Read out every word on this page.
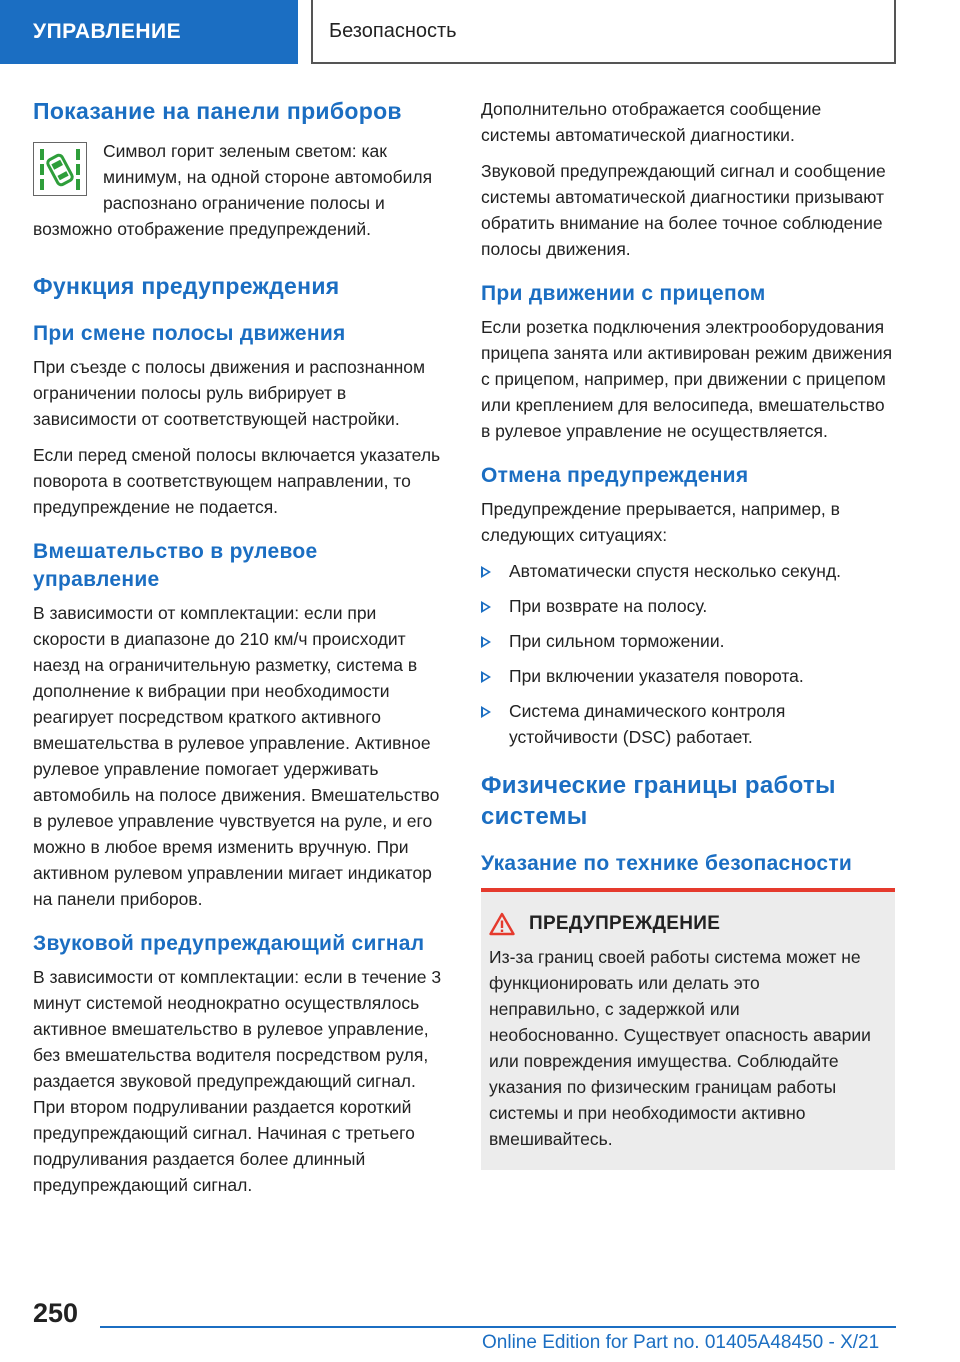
УПРАВЛЕНИЕ	Безопасность
Показание на панели приборов

Символ горит зеленым светом: как минимум, на одной стороне автомобиля распознано ограничение полосы и возможно отображение предупреждений.

Функция предупреждения
При смене полосы движения

При съезде с полосы движения и распознанном ограничении полосы руль вибрирует в зависимости от соответствующей настройки.

Если перед сменой полосы включается указатель поворота в соответствующем направлении, то предупреждение не подается.

Вмешательство в рулевое управление

В зависимости от комплектации: если при скорости в диапазоне до 210 км/ч происходит наезд на ограничительную разметку, система в дополнение к вибрации при необходимости реагирует посредством краткого активного вмешательства в рулевое управление. Активное рулевое управление помогает удерживать автомобиль на полосе движения. Вмешательство в рулевое управление чувствуется на руле, и его можно в любое время изменить вручную. При активном рулевом управлении мигает индикатор на панели приборов.

Звуковой предупреждающий сигнал

В зависимости от комплектации: если в течение 3 минут системой неоднократно осуществлялось активное вмешательство в рулевое управление, без вмешательства водителя посредством руля, раздается звуковой предупреждающий сигнал. При втором подруливании раздается короткий предупреждающий сигнал. Начиная с третьего подруливания раздается более длинный предупреждающий сигнал.

Дополнительно отображается сообщение системы автоматической диагностики.

Звуковой предупреждающий сигнал и сообщение системы автоматической диагностики призывают обратить внимание на более точное соблюдение полосы движения.

При движении с прицепом

Если розетка подключения электрооборудования прицепа занята или активирован режим движения с прицепом, например, при движении с прицепом или креплением для велосипеда, вмешательство в рулевое управление не осуществляется.

Отмена предупреждения

Предупреждение прерывается, например, в следующих ситуациях:

Автоматически спустя несколько секунд.
При возврате на полосу.
При сильном торможении.
При включении указателя поворота.
Система динамического контроля устойчивости (DSC) работает.
Физические границы работы системы
Указание по технике безопасности
ПРЕДУПРЕЖДЕНИЕ

Из-за границ своей работы система может не функционировать или делать это неправильно, с задержкой или необоснованно. Существует опасность аварии или повреждения имущества. Соблюдайте указания по физическим границам работы системы и при необходимости активно вмешивайтесь.

250
Online Edition for Part no. 01405A48450 - X/21
